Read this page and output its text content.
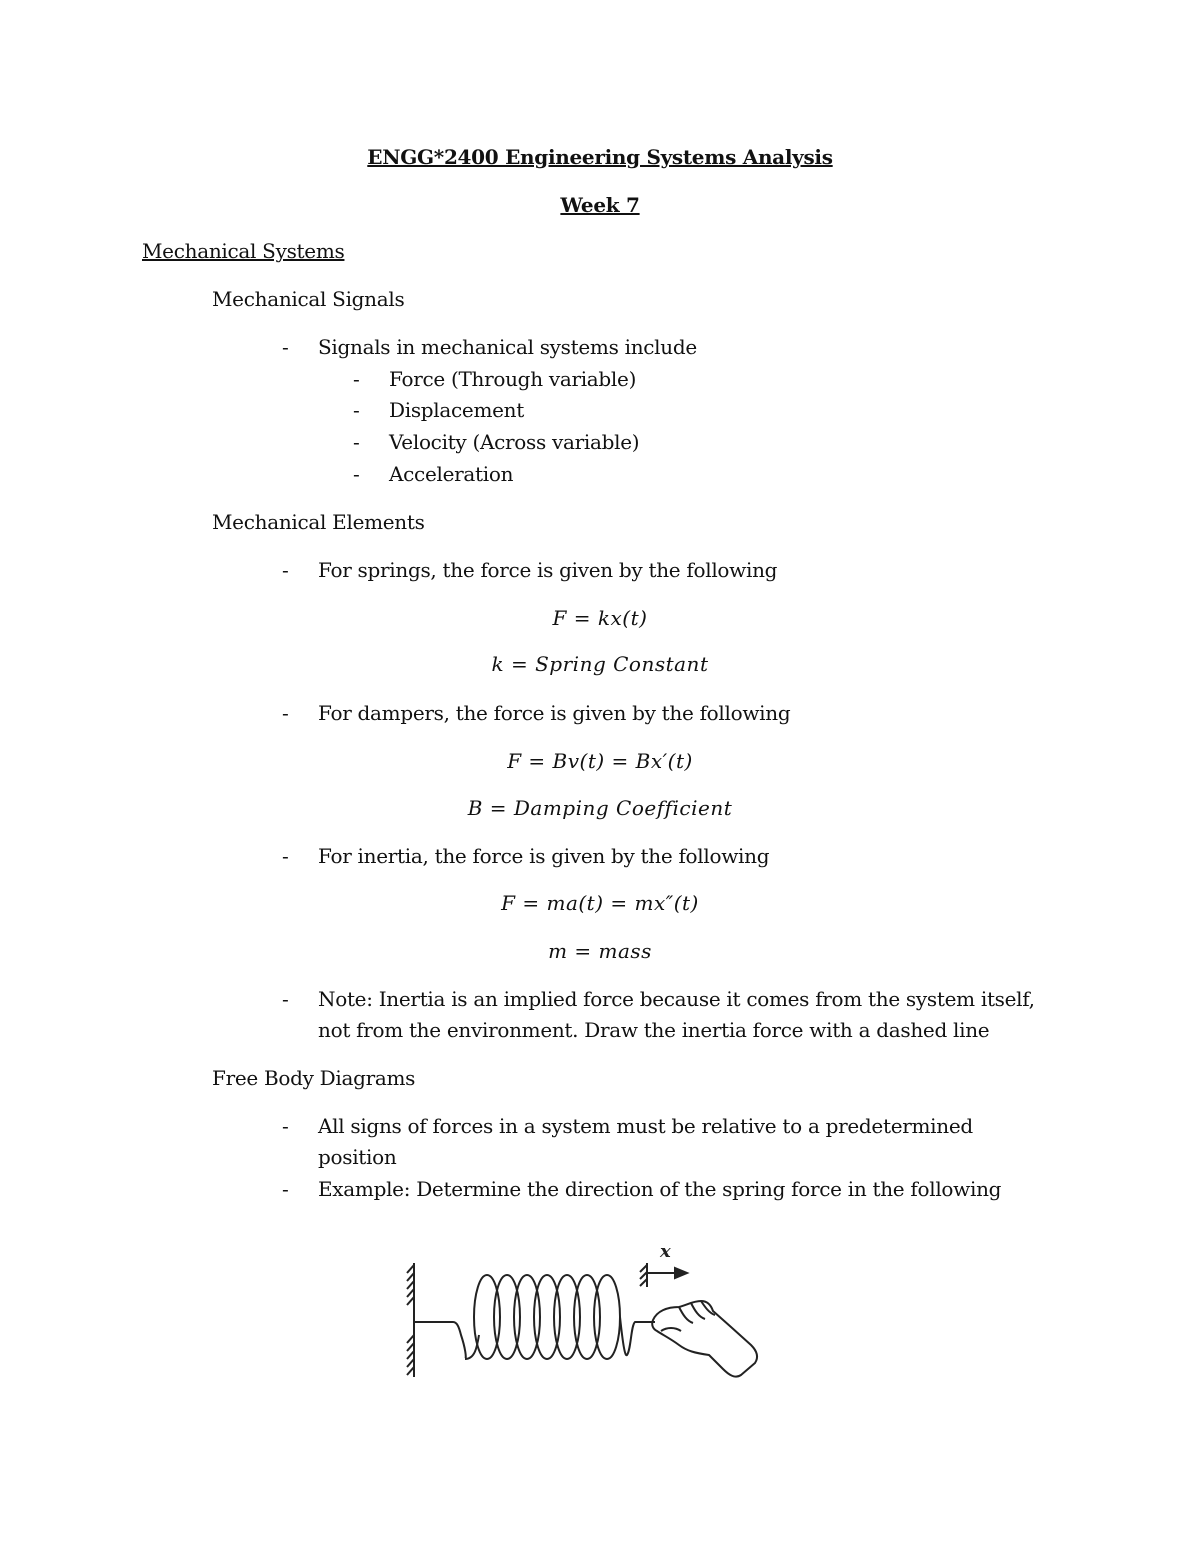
ENGG*2400 Engineering Systems Analysis
Week 7
Mechanical Systems
Mechanical Signals
- Signals in mechanical systems include
- Force (Through variable)
- Displacement
- Velocity (Across variable)
- Acceleration
Mechanical Elements
- For springs, the force is given by the following
F = kx(t)
k = Spring Constant
- For dampers, the force is given by the following
F = Bv(t) = Bx′(t)
B = Damping Coefficient
- For inertia, the force is given by the following
F = ma(t) = mx″(t)
m = mass
- Note: Inertia is an implied force because it comes from the system itself,
not from the environment. Draw the inertia force with a dashed line
Free Body Diagrams
- All signs of forces in a system must be relative to a predetermined
position
- Example: Determine the direction of the spring force in the following
x
